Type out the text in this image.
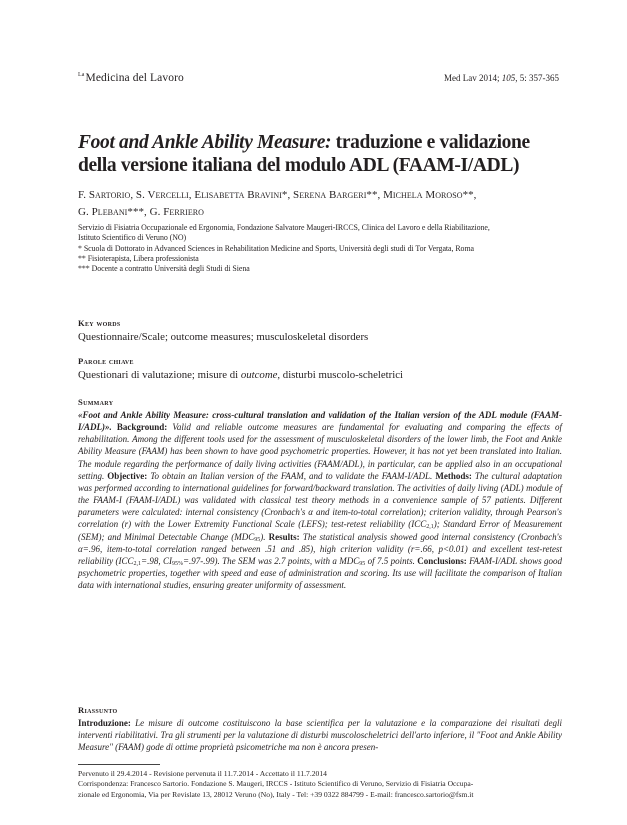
$^{La}$Medicina del Lavoro	Med Lav 2014; 105, 5: 357-365
Foot and Ankle Ability Measure: traduzione e validazione della versione italiana del modulo ADL (FAAM-I/ADL)
F. Sartorio, S. Vercelli, Elisabetta Bravini*, Serena Bargeri**, Michela Moroso**,
G. Plebani***, G. Ferriero
Servizio di Fisiatria Occupazionale ed Ergonomia, Fondazione Salvatore Maugeri-IRCCS, Clinica del Lavoro e della Riabilitazione,
Istituto Scientifico di Veruno (NO)
* Scuola di Dottorato in Advanced Sciences in Rehabilitation Medicine and Sports, Università degli studi di Tor Vergata, Roma
** Fisioterapista, Libera professionista
*** Docente a contratto Università degli Studi di Siena
Key words
Questionnaire/Scale; outcome measures; musculoskeletal disorders
Parole chiave
Questionari di valutazione; misure di outcome, disturbi muscolo-scheletrici
Summary
«Foot and Ankle Ability Measure: cross-cultural translation and validation of the Italian version of the ADL module (FAAM-I/ADL)». Background: Valid and reliable outcome measures are fundamental for evaluating and comparing the effects of rehabilitation. Among the different tools used for the assessment of musculoskeletal disorders of the lower limb, the Foot and Ankle Ability Measure (FAAM) has been shown to have good psychometric properties. However, it has not yet been translated into Italian. The module regarding the performance of daily living activities (FAAM/ADL), in particular, can be applied also in an occupational setting. Objective: To obtain an Italian version of the FAAM, and to validate the FAAM-I/ADL. Methods: The cultural adaptation was performed according to international guidelines for forward/backward translation. The activities of daily living (ADL) module of the FAAM-I (FAAM-I/ADL) was validated with classical test theory methods in a convenience sample of 57 patients. Different parameters were calculated: internal consistency (Cronbach's α and item-to-total correlation); criterion validity, through Pearson's correlation (r) with the Lower Extremity Functional Scale (LEFS); test-retest reliability $(ICC_{2,1})$; Standard Error of Measurement (SEM); and Minimal Detectable Change $(MDC_{95})$. Results: The statistical analysis showed good internal consistency (Cronbach's α=.96, item-to-total correlation ranged between .51 and .85), high criterion validity (r=.66, p<0.01) and excellent test-retest reliability ($ICC_{2,1}=.98$, $CI_{95\%}=.97-.99$). The SEM was 2.7 points, with a $MDC_{95}$ of 7.5 points. Conclusions: FAAM-I/ADL shows good psychometric properties, together with speed and ease of administration and scoring. Its use will facilitate the comparison of Italian data with international studies, ensuring greater uniformity of assessment.
Riassunto
Introduzione: Le misure di outcome costituiscono la base scientifica per la valutazione e la comparazione dei risultati degli interventi riabilitativi. Tra gli strumenti per la valutazione di disturbi muscoloscheletrici dell'arto inferiore, il "Foot and Ankle Ability Measure" (FAAM) gode di ottime proprietà psicometriche ma non è ancora presen-
Pervenuto il 29.4.2014 - Revisione pervenuta il 11.7.2014 - Accettato il 11.7.2014
Corrispondenza: Francesco Sartorio. Fondazione S. Maugeri, IRCCS - Istituto Scientifico di Veruno, Servizio di Fisiatria Occupa-
zionale ed Ergonomia, Via per Revislate 13, 28012 Veruno (No), Italy - Tel: +39 0322 884799 - E-mail: francesco.sartorio@fsm.it
